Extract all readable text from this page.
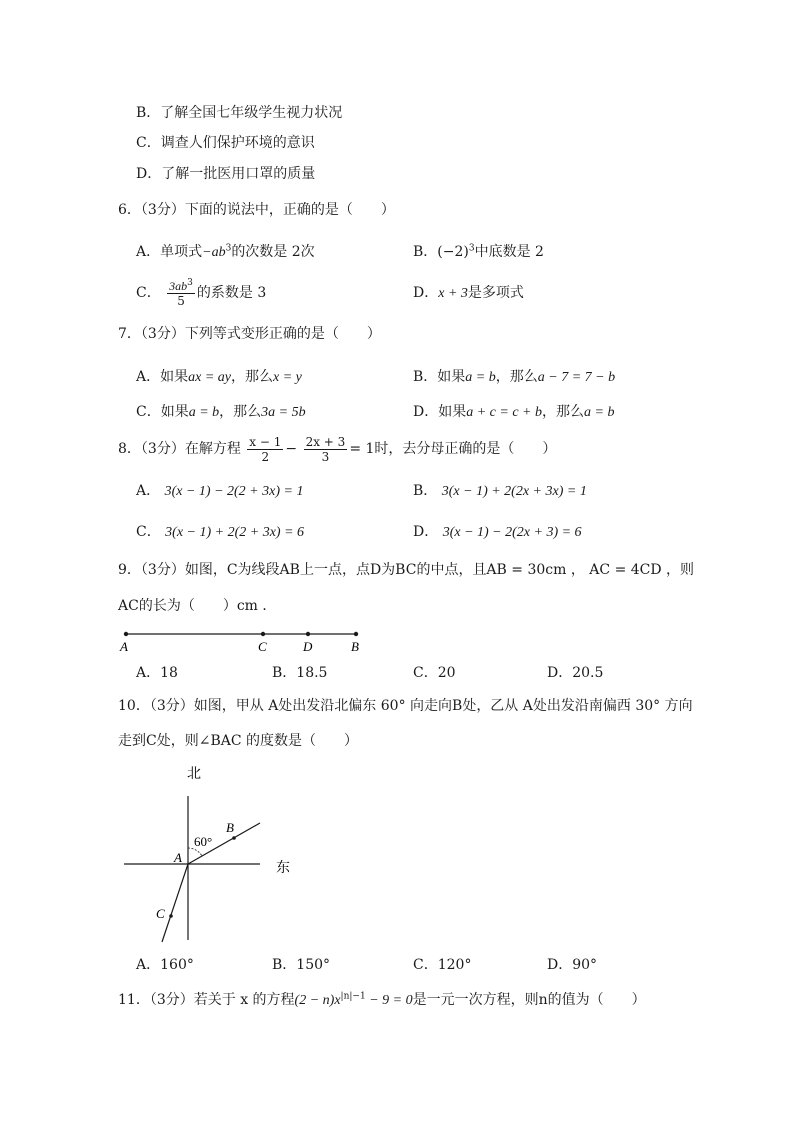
B．了解全国七年级学生视力状况
C．调查人们保护环境的意识
D．了解一批医用口罩的质量
6．（3分）下面的说法中，正确的是（　　）
A．单项式$-ab^3$的次数是 2次	B．$(-2)^3$中底数是 2
C． $\frac{3ab^3}{5}$ 的系数是 3	D．x + 3是多项式
7．（3分）下列等式变形正确的是（　　）
A．如果ax = ay，那么x = y	B．如果a = b，那么a − 7 = 7 − b
C．如果a = b，那么3a = 5b	D．如果a + c = c + b，那么a = b
8．（3分）在解方程 $\frac{x - 1}{2} - \frac{2x + 3}{3} = 1$时，去分母正确的是（　　）
A． 3(x − 1) − 2(2 + 3x) = 1	B． 3(x − 1) + 2(2x + 3x) = 1
C． 3(x − 1) + 2(2 + 3x) = 6	D． 3(x − 1) − 2(2x + 3) = 6
9．（3分）如图，C为线段AB上一点，点D为BC的中点，且AB = 30cm ， AC = 4CD ，则
AC的长为（　　）cm ．
A	C	D	B
A．18	B．18.5	C．20	D．20.5
10．（3分）如图，甲从 A处出发沿北偏东 60° 向走向B处，乙从 A处出发沿南偏西 30° 方向
走到C处，则∠BAC 的度数是（　　）
北
60°
A
B
C
东
A．160°	B．150°	C．120°	D．90°
11．（3分）若关于 x 的方程$(2 - n)x^{|n|-1} - 9 = 0$是一元一次方程，则n的值为（　　）
